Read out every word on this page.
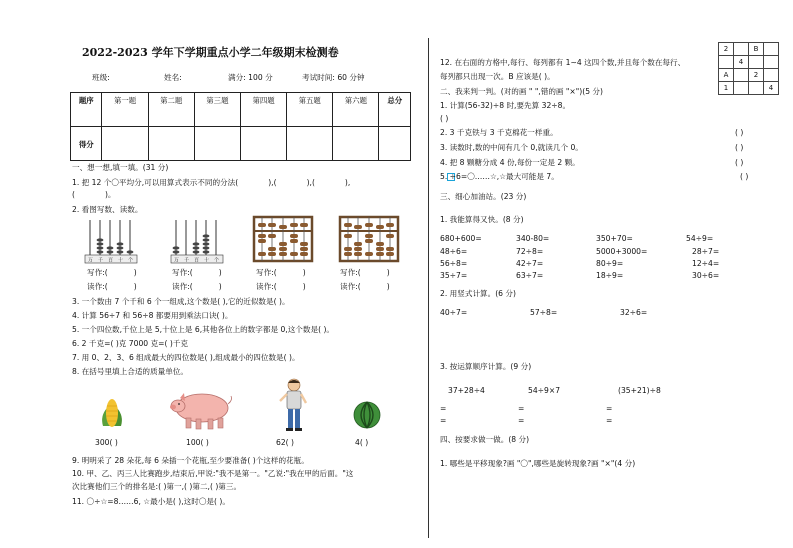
2022-2023 学年下学期重点小学二年级期末检测卷
班级:	姓名:	满分: 100 分	考试时间: 60 分钟
题序	第一题	第二题	第三题	第四题	第五题	第六题	总分
得分							
一、想一想,填一填。(31 分)
1. 把 12 个〇平均分,可以用算式表示不同的分法(	),(	),(	),
(	)。
2. 看图写数、读数。
万 千 百 十 个	万 千 百 十 个
写作:(	)	写作:(	)	写作:(	)	写作:(	)
读作:(	)	读作:(	)	读作:(	)	读作:(	)
3. 一个数由 7 个千和 6 个一组成,这个数是( ),它的近似数是( )。
4. 计算 56÷7 和 56÷8 都要用到乘法口诀( )。
5. 一个四位数,千位上是 5,十位上是 6,其他各位上的数字都是 0,这个数是( )。
6. 2 千克=( )克 7000 克=( )千克
7. 用 0、2、3、6 组成最大的四位数是( ),组成最小的四位数是( )。
8. 在括号里填上合适的质量单位。
300( )	100( )	62( )	4( )
9. 明明采了 28 朵花,每 6 朵插一个花瓶,至少要准备( )个这样的花瓶。
10. 甲、乙、丙三人比赛跑步,结束后,甲说:"我不是第一。"乙说:"我在甲的后面。"这
次比赛他们三个的排名是:( )第一,( )第二,( )第三。
11. 〇÷☆=8……6, ☆最小是( ),这时〇是( )。
12. 在右面的方格中,每行、每列都有 1~4 这四个数,并且每个数在每行、
每列都只出现一次。B 应该是( )。
2		B	
	4		
A		2	
1			4
二、我来判一判。(对的画 " ",错的画 "×")(5 分)
1. 计算(56-32)÷8 时,要先算 32÷8。
( )
2. 3 千克铁与 3 千克棉花一样重。	( )
3. 读数时,数的中间有几个 0,就读几个 0。	( )
4. 把 8 颗糖分成 4 份,每份一定是 2 颗。	( )
5. ÷6=〇……☆,☆最大可能是 7。	( )
三、细心加油站。(23 分)
1. 我能算得又快。(8 分)
680+600=	340-80=	350+70=	54÷9=
48÷6=	72÷8=	5000+3000=	28÷7=
56÷8=	42÷7=	80÷9=	12÷4=
35÷7=	63÷7=	18÷9=	30÷6=
2. 用竖式计算。(6 分)
40÷7=	57÷8=	32÷6=
3. 按运算顺序计算。(9 分)
37+28÷4	54÷9×7	(35+21)÷8
=	=	=
=	=	=
四、按要求做一做。(8 分)
1. 哪些是平移现象?画 "〇",哪些是旋转现象?画 "×"(4 分)
